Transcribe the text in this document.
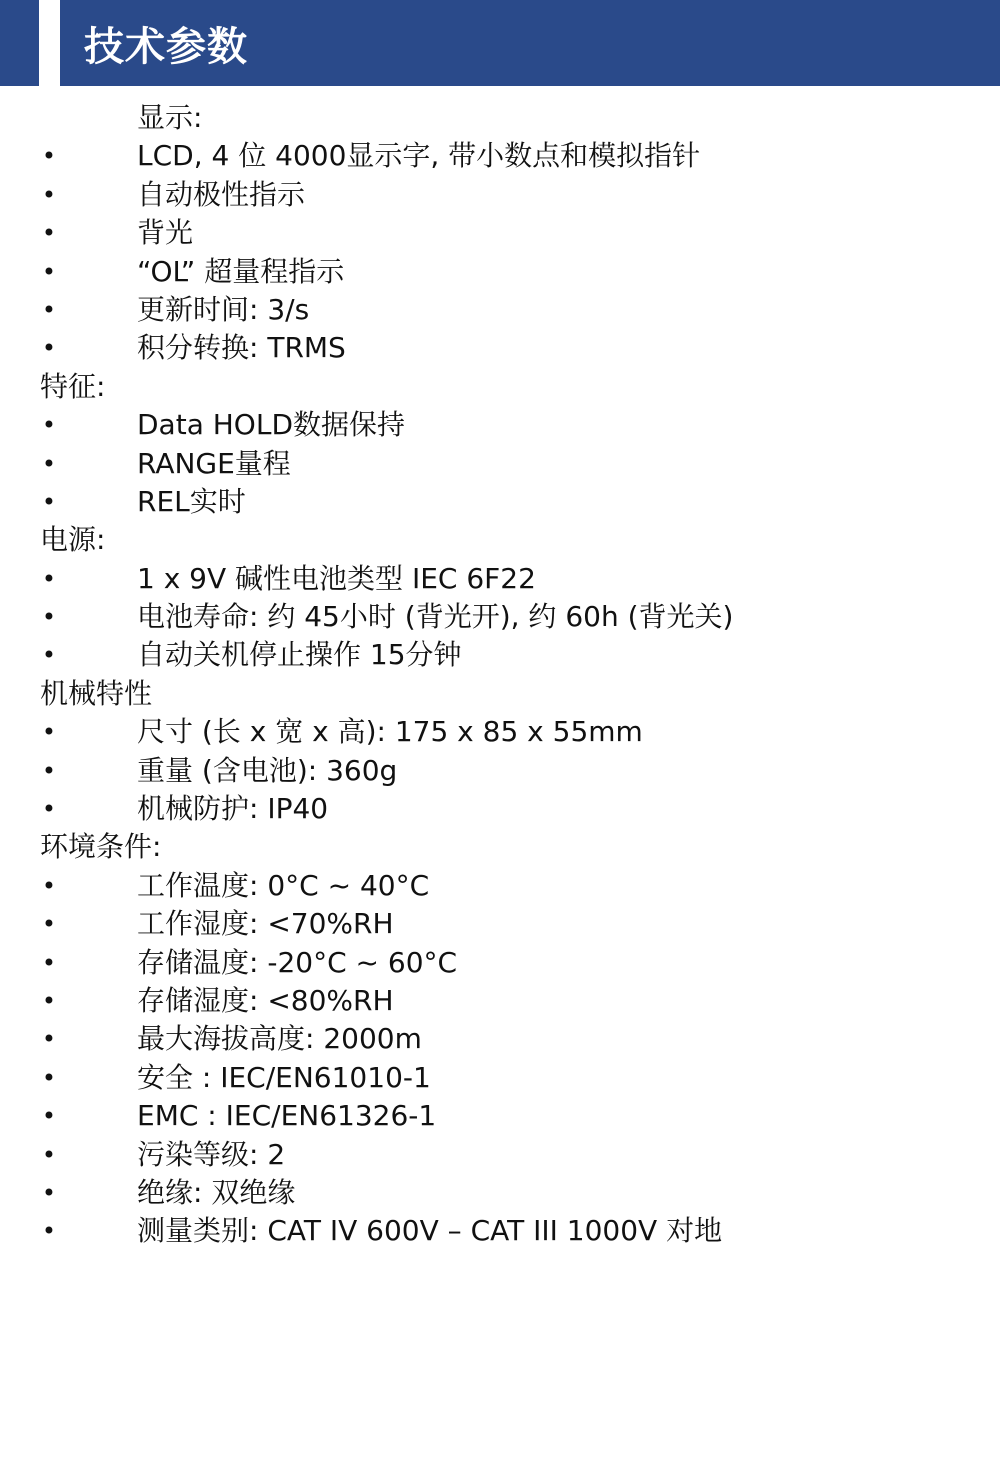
技术参数
显示:
•	LCD, 4 位 4000显示字, 带小数点和模拟指针
•	自动极性指示
•	背光
•	“OL” 超量程指示
•	更新时间: 3/s
•	积分转换: TRMS
特征:
•	Data HOLD数据保持
•	RANGE量程
•	REL实时
电源:
•	1 x 9V 碱性电池类型 IEC 6F22
•	电池寿命: 约 45小时 (背光开), 约 60h (背光关)
•	自动关机停止操作 15分钟
机械特性
•	尺寸 (长 x 宽 x 高): 175 x 85 x 55mm
•	重量 (含电池): 360g
•	机械防护: IP40
环境条件:
•	工作温度: 0°C ~ 40°C
•	工作湿度: <70%RH
•	存储温度: -20°C ~ 60°C
•	存储湿度: <80%RH
•	最大海拔高度: 2000m
•	安全 : IEC/EN61010-1
•	EMC : IEC/EN61326-1
•	污染等级: 2
•	绝缘: 双绝缘
•	测量类别: CAT IV 600V – CAT III 1000V 对地
